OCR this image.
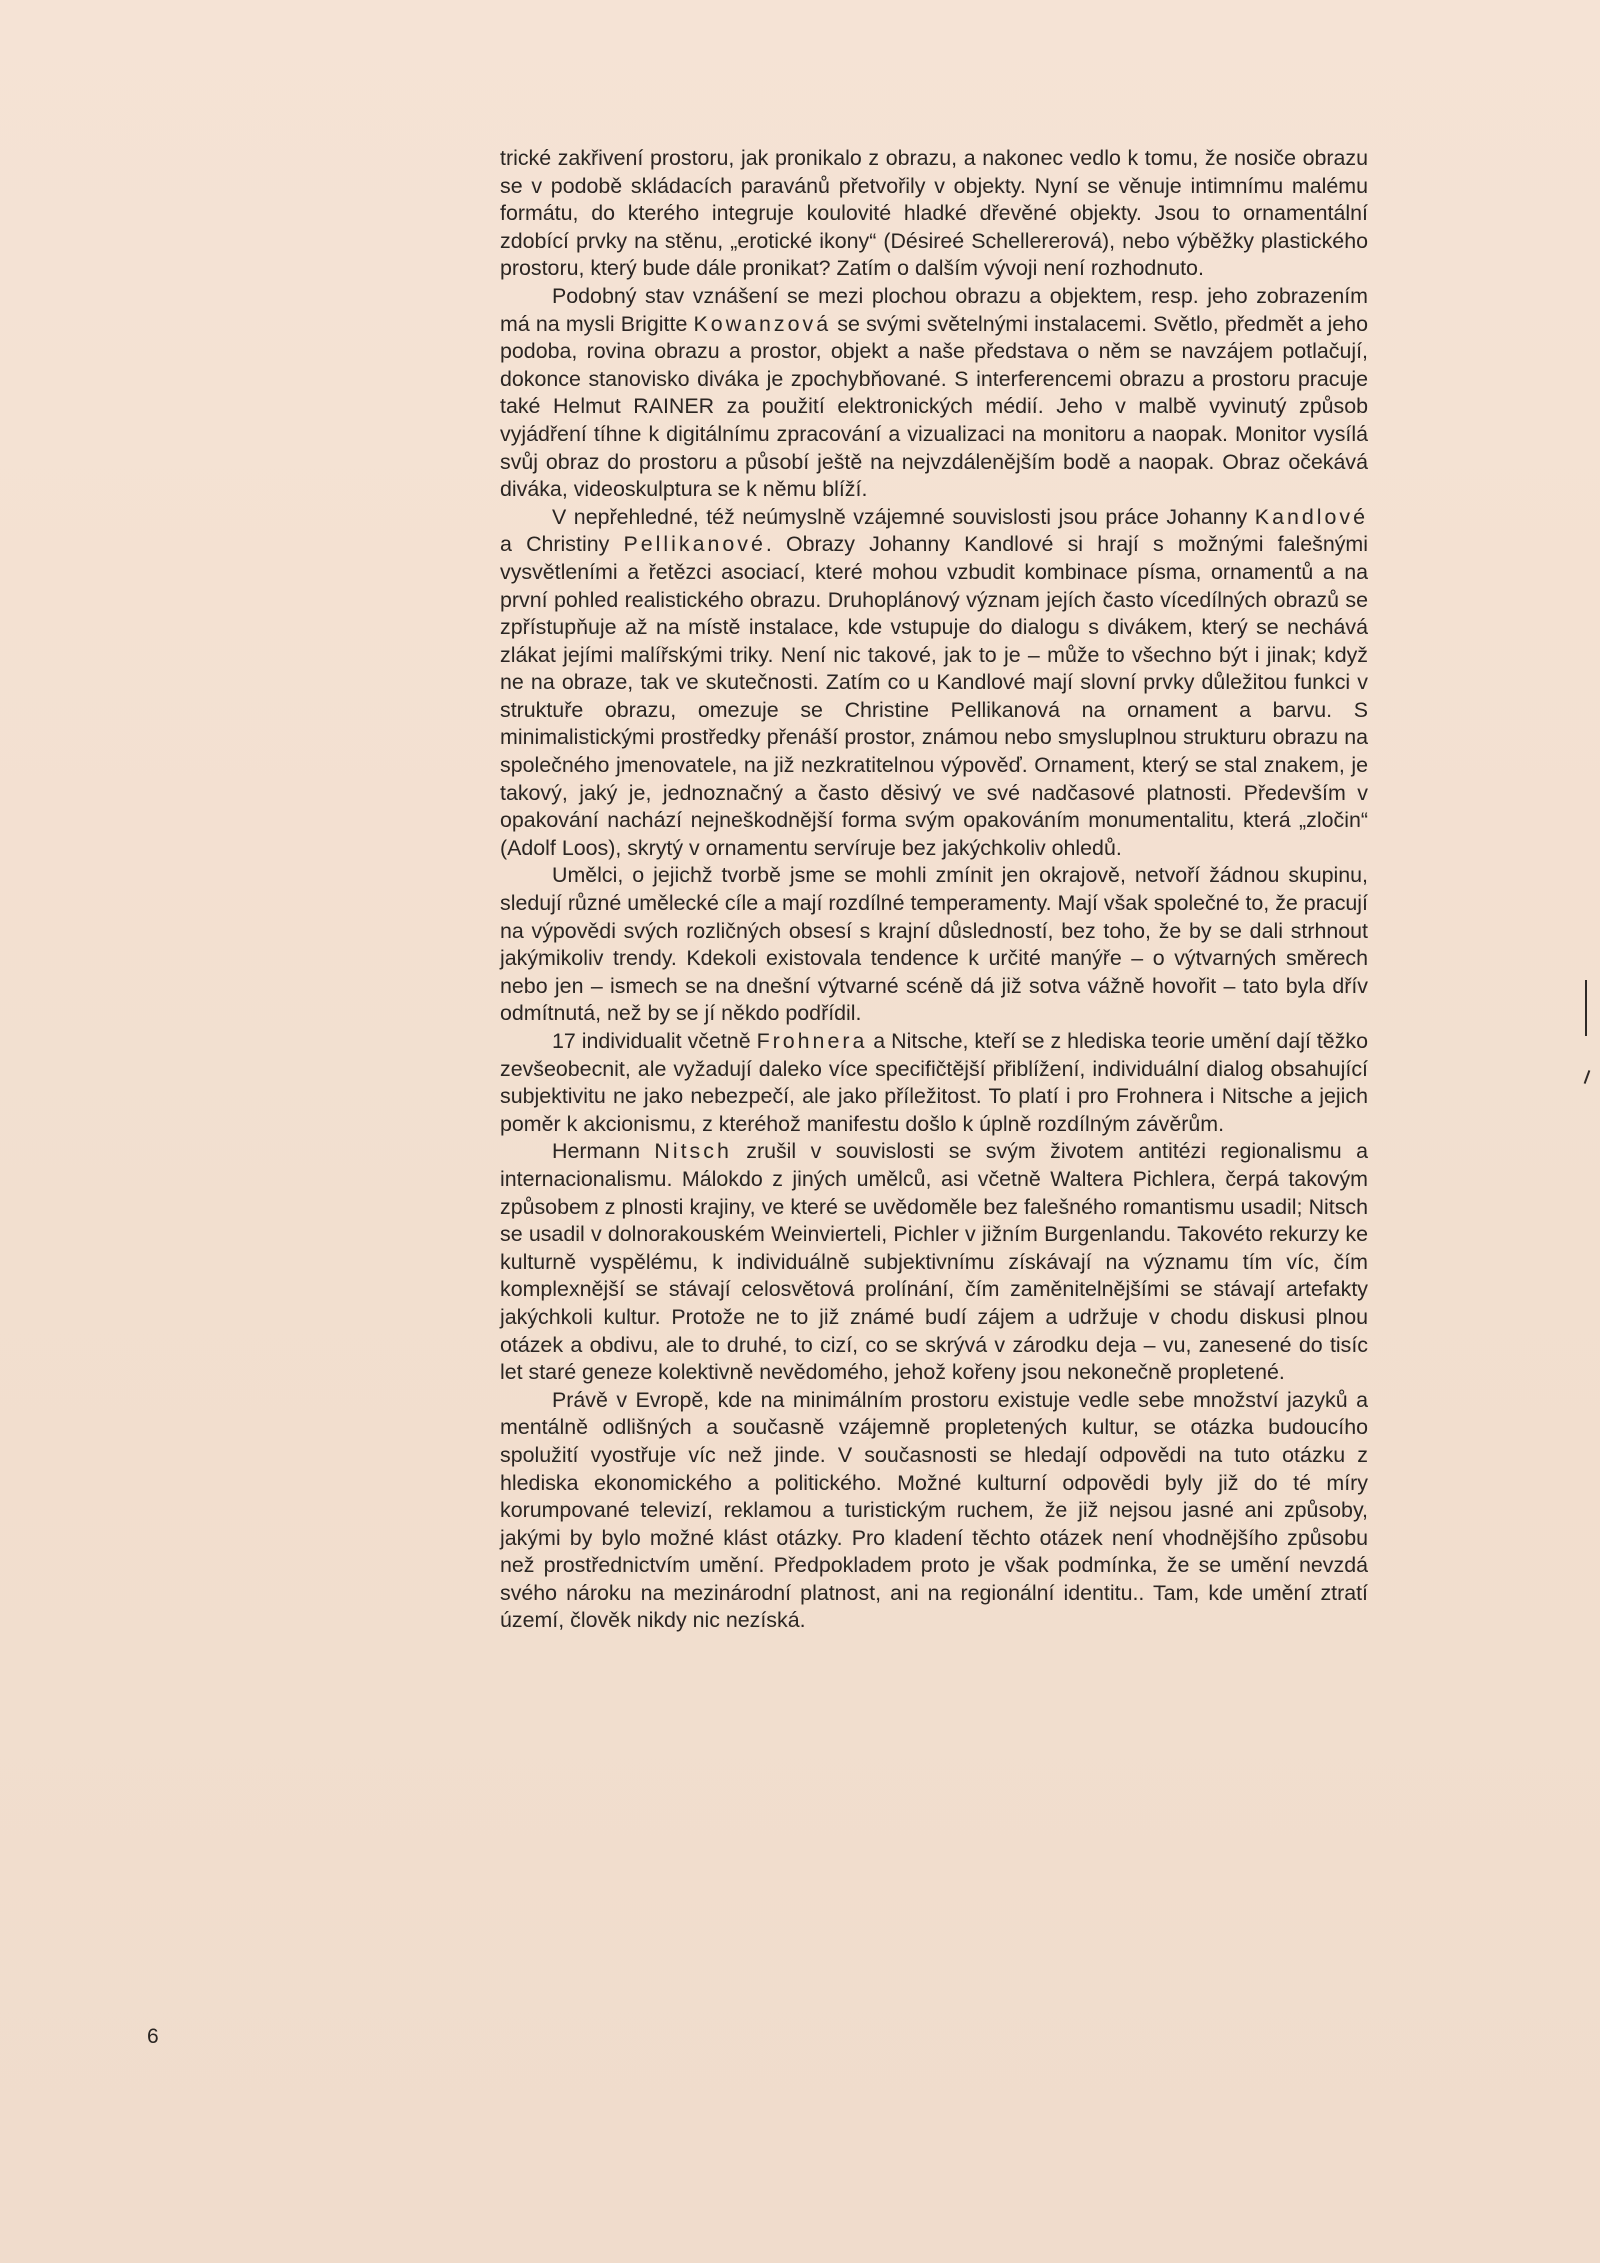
trické zakřivení prostoru, jak pronikalo z obrazu, a nakonec vedlo k tomu, že nosiče obrazu se v podobě skládacích paravánů přetvořily v objekty. Nyní se věnuje intimnímu malému formátu, do kterého integruje koulovité hladké dřevěné objekty. Jsou to ornamentální zdobící prvky na stěnu, „erotické ikony“ (Désireé Schellererová), nebo výběžky plastického prostoru, který bude dále pronikat? Zatím o dalším vývoji není rozhodnuto.

Podobný stav vznášení se mezi plochou obrazu a objektem, resp. jeho zobrazením má na mysli Brigitte Kowanzová se svými světelnými instalacemi. Světlo, předmět a jeho podoba, rovina obrazu a prostor, objekt a naše představa o něm se navzájem potlačují, dokonce stanovisko diváka je zpochybňované. S interferencemi obrazu a prostoru pracuje také Helmut RAINER za použití elektronických médií. Jeho v malbě vyvinutý způsob vyjádření tíhne k digitálnímu zpracování a vizualizaci na monitoru a naopak. Monitor vysílá svůj obraz do prostoru a působí ještě na nejvzdálenějším bodě a naopak. Obraz očekává diváka, videoskulptura se k němu blíží.

V nepřehledné, též neúmyslně vzájemné souvislosti jsou práce Johanny Kandlové a Christiny Pellikanové. Obrazy Johanny Kandlové si hrají s možnými falešnými vysvětleními a řetězci asociací, které mohou vzbudit kombinace písma, ornamentů a na první pohled realistického obrazu. Druhoplánový význam jejích často vícedílných obrazů se zpřístupňuje až na místě instalace, kde vstupuje do dialogu s divákem, který se nechává zlákat jejími malířskými triky. Není nic takové, jak to je – může to všechno být i jinak; když ne na obraze, tak ve skutečnosti. Zatím co u Kandlové mají slovní prvky důležitou funkci v struktuře obrazu, omezuje se Christine Pellikanová na ornament a barvu. S minimalistickými prostředky přenáší prostor, známou nebo smysluplnou strukturu obrazu na společného jmenovatele, na již nezkratitelnou výpověď. Ornament, který se stal znakem, je takový, jaký je, jednoznačný a často děsivý ve své nadčasové platnosti. Především v opakování nachází nejneškodnější forma svým opakováním monumentalitu, která „zločin“ (Adolf Loos), skrytý v ornamentu servíruje bez jakýchkoliv ohledů.

Umělci, o jejichž tvorbě jsme se mohli zmínit jen okrajově, netvoří žádnou skupinu, sledují různé umělecké cíle a mají rozdílné temperamenty. Mají však společné to, že pracují na výpovědi svých rozličných obsesí s krajní důsledností, bez toho, že by se dali strhnout jakýmikoliv trendy. Kdekoli existovala tendence k určité manýře – o výtvarných směrech nebo jen – ismech se na dnešní výtvarné scéně dá již sotva vážně hovořit – tato byla dřív odmítnutá, než by se jí někdo podřídil.

17 individualit včetně Frohnera a Nitsche, kteří se z hlediska teorie umění dají těžko zevšeobecnit, ale vyžadují daleko více specifičtější přiblížení, individuální dialog obsahující subjektivitu ne jako nebezpečí, ale jako příležitost. To platí i pro Frohnera i Nitsche a jejich poměr k akcionismu, z kteréhož manifestu došlo k úplně rozdílným závěrům.

Hermann Nitsch zrušil v souvislosti se svým životem antitézi regionalismu a internacionalismu. Málokdo z jiných umělců, asi včetně Waltera Pichlera, čerpá takovým způsobem z plnosti krajiny, ve které se uvědoměle bez falešného romantismu usadil; Nitsch se usadil v dolnorakouském Weinvierteli, Pichler v jižním Burgenlandu. Takovéto rekurzy ke kulturně vyspělému, k individuálně subjektivnímu získávají na významu tím víc, čím komplexnější se stávají celosvětová prolínání, čím zaměnitelnějšími se stávají artefakty jakýchkoli kultur. Protože ne to již známé budí zájem a udržuje v chodu diskusi plnou otázek a obdivu, ale to druhé, to cizí, co se skrývá v zárodku deja – vu, zanesené do tisíc let staré geneze kolektivně nevědomého, jehož kořeny jsou nekonečně propletené.

Právě v Evropě, kde na minimálním prostoru existuje vedle sebe množství jazyků a mentálně odlišných a současně vzájemně propletených kultur, se otázka budoucího spolužití vyostřuje víc než jinde. V současnosti se hledají odpovědi na tuto otázku z hlediska ekonomického a politického. Možné kulturní odpovědi byly již do té míry korumpované televizí, reklamou a turistickým ruchem, že již nejsou jasné ani způsoby, jakými by bylo možné klást otázky. Pro kladení těchto otázek není vhodnějšího způsobu než prostřednictvím umění. Předpokladem proto je však podmínka, že se umění nevzdá svého nároku na mezinárodní platnost, ani na regionální identitu.. Tam, kde umění ztratí území, člověk nikdy nic nezíská.

6
